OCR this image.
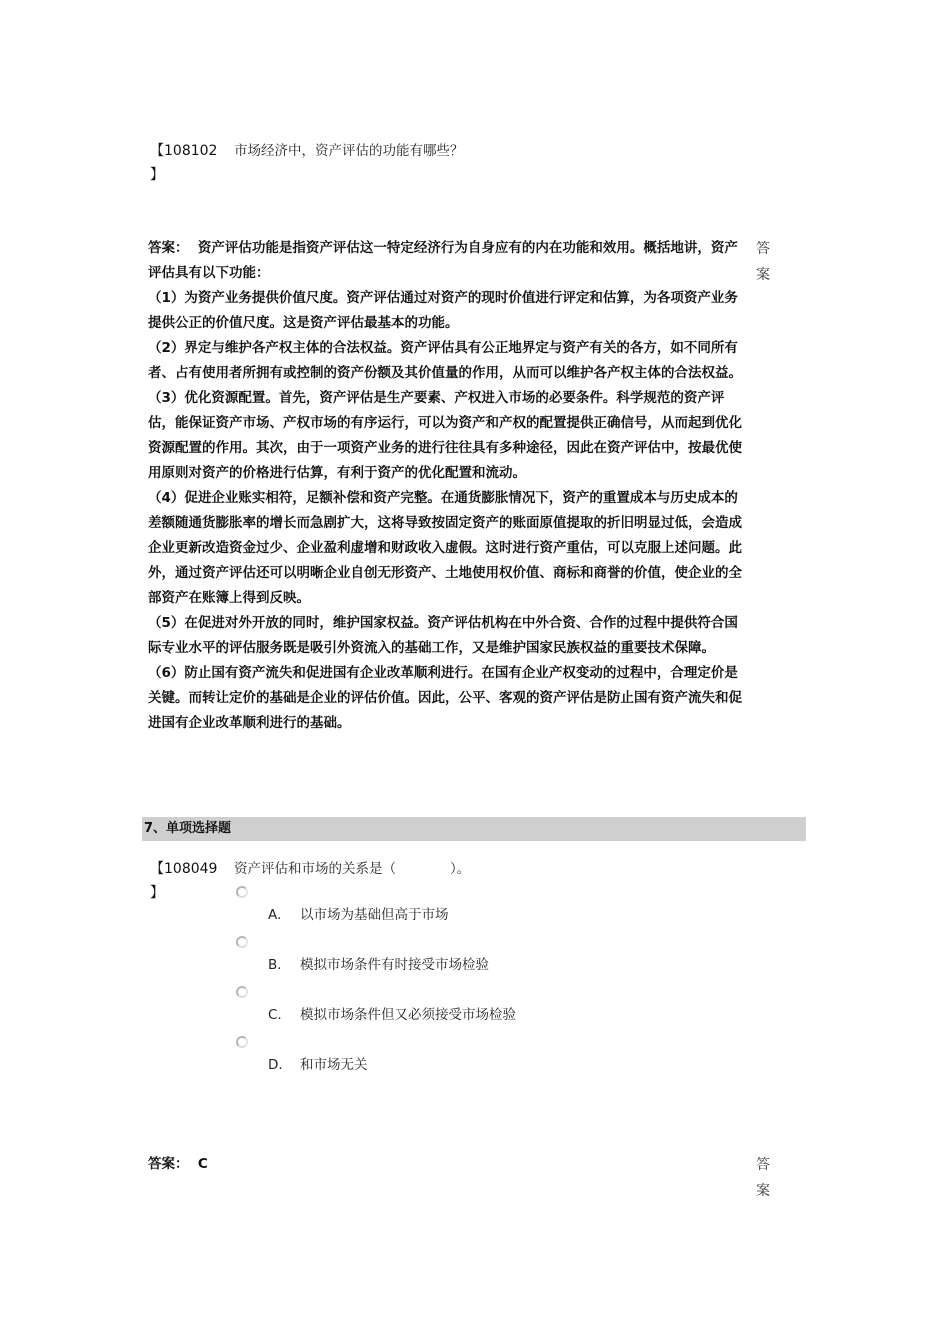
【108102
】
市场经济中，资产评估的功能有哪些？

答案： 资产评估功能是指资产评估这一特定经济行为自身应有的内在功能和效用。概括地讲，资产评估具有以下功能：

（1）为资产业务提供价值尺度。资产评估通过对资产的现时价值进行评定和估算，为各项资产业务提供公正的价值尺度。这是资产评估最基本的功能。

（2）界定与维护各产权主体的合法权益。资产评估具有公正地界定与资产有关的各方，如不同所有者、占有使用者所拥有或控制的资产份额及其价值量的作用，从而可以维护各产权主体的合法权益。

（3）优化资源配置。首先，资产评估是生产要素、产权进入市场的必要条件。科学规范的资产评估，能保证资产市场、产权市场的有序运行，可以为资产和产权的配置提供正确信号，从而起到优化资源配置的作用。其次，由于一项资产业务的进行往往具有多种途径，因此在资产评估中，按最优使用原则对资产的价格进行估算，有利于资产的优化配置和流动。

（4）促进企业账实相符，足额补偿和资产完整。在通货膨胀情况下，资产的重置成本与历史成本的差额随通货膨胀率的增长而急剧扩大，这将导致按固定资产的账面原值提取的折旧明显过低，会造成企业更新改造资金过少、企业盈利虚增和财政收入虚假。这时进行资产重估，可以克服上述问题。此外，通过资产评估还可以明晰企业自创无形资产、土地使用权价值、商标和商誉的价值，使企业的全部资产在账簿上得到反映。

（5）在促进对外开放的同时，维护国家权益。资产评估机构在中外合资、合作的过程中提供符合国际专业水平的评估服务既是吸引外资流入的基础工作，又是维护国家民族权益的重要技术保障。

（6）防止国有资产流失和促进国有企业改革顺利进行。在国有企业产权变动的过程中，合理定价是关键。而转让定价的基础是企业的评估价值。因此，公平、客观的资产评估是防止国有资产流失和促进国有企业改革顺利进行的基础。

答
案
7、单项选择题
【108049
】
资产评估和市场的关系是（　　　　）。
A. 以市场为基础但高于市场
B. 模拟市场条件有时接受市场检验
C. 模拟市场条件但又必须接受市场检验
D. 和市场无关
答案： C	答
案
